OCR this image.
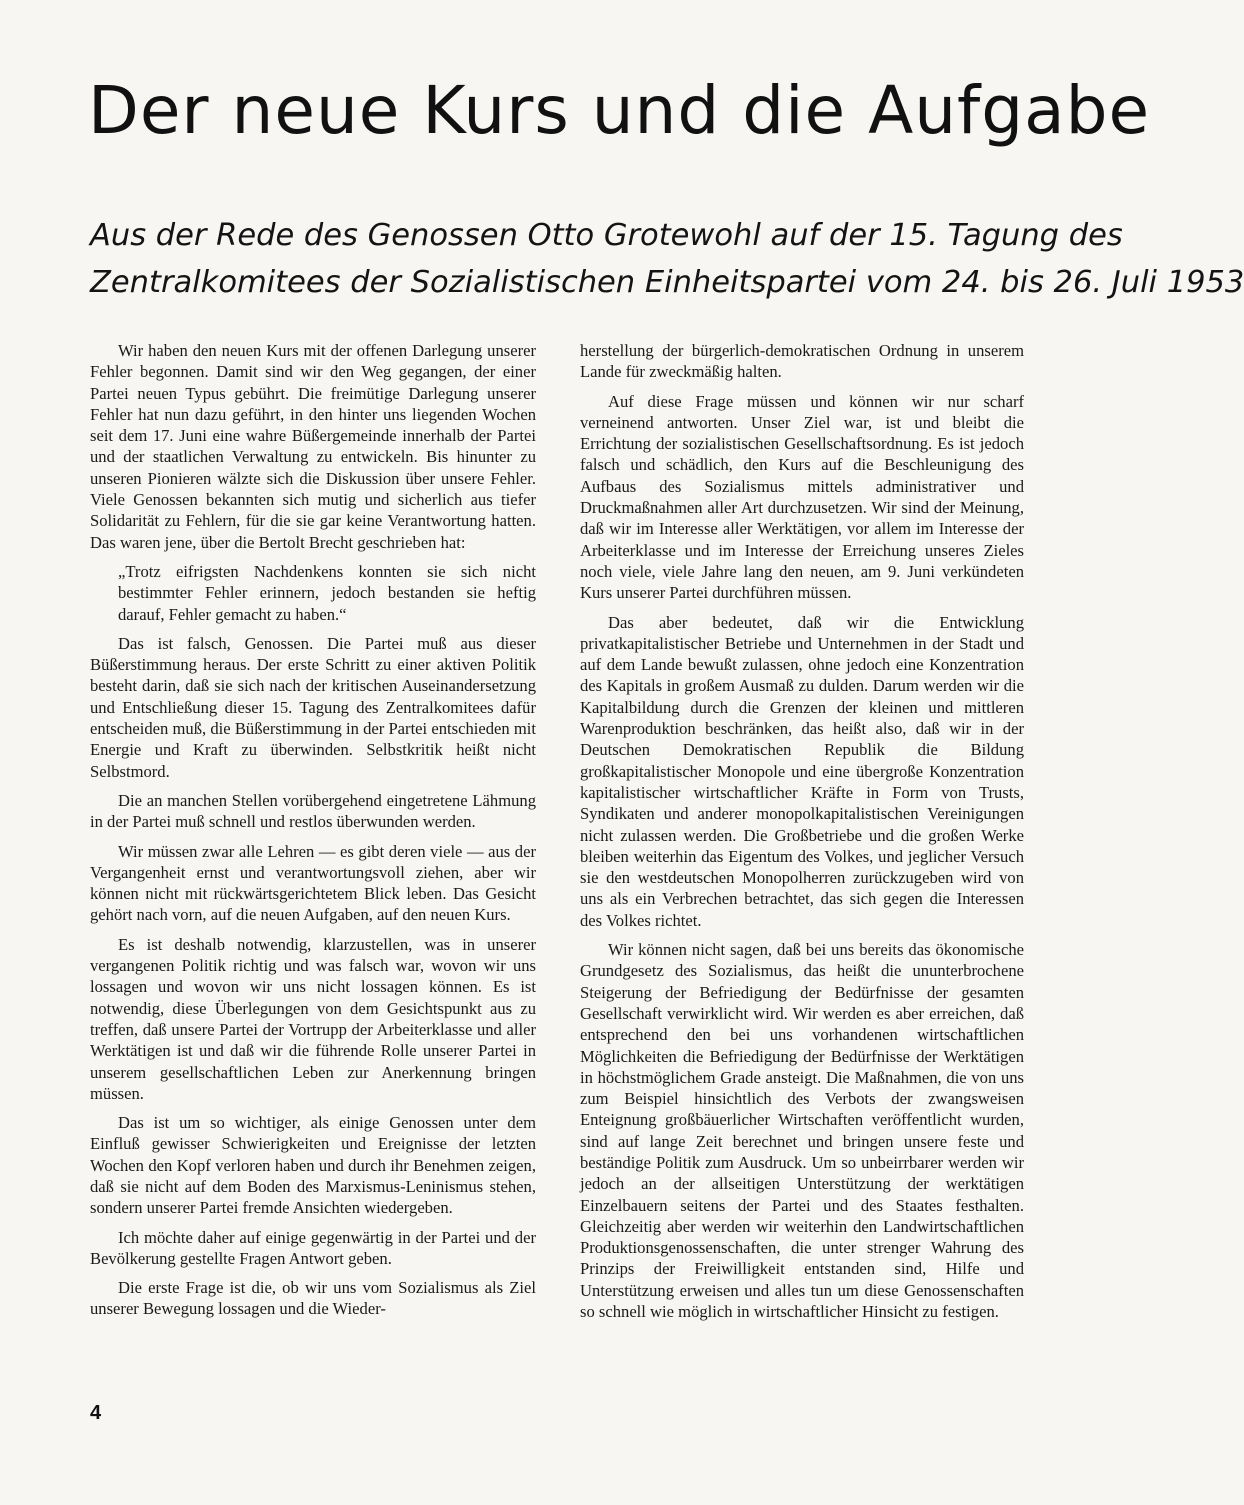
Der neue Kurs und die Aufgabe
Aus der Rede des Genossen Otto Grotewohl auf der 15. Tagung des
Zentralkomitees der Sozialistischen Einheitspartei vom 24. bis 26. Juli 1953

Wir haben den neuen Kurs mit der offenen Darlegung unserer Fehler begonnen. Damit sind wir den Weg gegangen, der einer Partei neuen Typus gebührt. Die freimütige Darlegung unserer Fehler hat nun dazu geführt, in den hinter uns liegenden Wochen seit dem 17. Juni eine wahre Büßergemeinde innerhalb der Partei und der staatlichen Verwaltung zu entwickeln. Bis hinunter zu unseren Pionieren wälzte sich die Diskussion über unsere Fehler. Viele Genossen bekannten sich mutig und sicherlich aus tiefer Solidarität zu Fehlern, für die sie gar keine Verantwortung hatten. Das waren jene, über die Bertolt Brecht geschrieben hat:

„Trotz eifrigsten Nachdenkens konnten sie sich nicht bestimmter Fehler erinnern, jedoch bestanden sie heftig darauf, Fehler gemacht zu haben.“

Das ist falsch, Genossen. Die Partei muß aus dieser Büßerstimmung heraus. Der erste Schritt zu einer aktiven Politik besteht darin, daß sie sich nach der kritischen Auseinandersetzung und Entschließung dieser 15. Tagung des Zentralkomitees dafür entscheiden muß, die Büßerstimmung in der Partei entschieden mit Energie und Kraft zu überwinden. Selbstkritik heißt nicht Selbstmord.

Die an manchen Stellen vorübergehend eingetretene Lähmung in der Partei muß schnell und restlos überwunden werden.

Wir müssen zwar alle Lehren — es gibt deren viele — aus der Vergangenheit ernst und verantwortungsvoll ziehen, aber wir können nicht mit rückwärtsgerichtetem Blick leben. Das Gesicht gehört nach vorn, auf die neuen Aufgaben, auf den neuen Kurs.

Es ist deshalb notwendig, klarzustellen, was in unserer vergangenen Politik richtig und was falsch war, wovon wir uns lossagen und wovon wir uns nicht lossagen können. Es ist notwendig, diese Überlegungen von dem Gesichtspunkt aus zu treffen, daß unsere Partei der Vortrupp der Arbeiterklasse und aller Werktätigen ist und daß wir die führende Rolle unserer Partei in unserem gesellschaftlichen Leben zur Anerkennung bringen müssen.

Das ist um so wichtiger, als einige Genossen unter dem Einfluß gewisser Schwierigkeiten und Ereignisse der letzten Wochen den Kopf verloren haben und durch ihr Benehmen zeigen, daß sie nicht auf dem Boden des Marxismus-Leninismus stehen, sondern unserer Partei fremde Ansichten wiedergeben.

Ich möchte daher auf einige gegenwärtig in der Partei und der Bevölkerung gestellte Fragen Antwort geben.

Die erste Frage ist die, ob wir uns vom Sozialismus als Ziel unserer Bewegung lossagen und die Wieder-

herstellung der bürgerlich-demokratischen Ordnung in unserem Lande für zweckmäßig halten.

Auf diese Frage müssen und können wir nur scharf verneinend antworten. Unser Ziel war, ist und bleibt die Errichtung der sozialistischen Gesellschaftsordnung. Es ist jedoch falsch und schädlich, den Kurs auf die Beschleunigung des Aufbaus des Sozialismus mittels administrativer und Druckmaßnahmen aller Art durchzusetzen. Wir sind der Meinung, daß wir im Interesse aller Werktätigen, vor allem im Interesse der Arbeiterklasse und im Interesse der Erreichung unseres Zieles noch viele, viele Jahre lang den neuen, am 9. Juni verkündeten Kurs unserer Partei durchführen müssen.

Das aber bedeutet, daß wir die Entwicklung privatkapitalistischer Betriebe und Unternehmen in der Stadt und auf dem Lande bewußt zulassen, ohne jedoch eine Konzentration des Kapitals in großem Ausmaß zu dulden. Darum werden wir die Kapitalbildung durch die Grenzen der kleinen und mittleren Warenproduktion beschränken, das heißt also, daß wir in der Deutschen Demokratischen Republik die Bildung großkapitalistischer Monopole und eine übergroße Konzentration kapitalistischer wirtschaftlicher Kräfte in Form von Trusts, Syndikaten und anderer monopolkapitalistischen Vereinigungen nicht zulassen werden. Die Großbetriebe und die großen Werke bleiben weiterhin das Eigentum des Volkes, und jeglicher Versuch sie den westdeutschen Monopolherren zurückzugeben wird von uns als ein Verbrechen betrachtet, das sich gegen die Interessen des Volkes richtet.

Wir können nicht sagen, daß bei uns bereits das ökonomische Grundgesetz des Sozialismus, das heißt die ununterbrochene Steigerung der Befriedigung der Bedürfnisse der gesamten Gesellschaft verwirklicht wird. Wir werden es aber erreichen, daß entsprechend den bei uns vorhandenen wirtschaftlichen Möglichkeiten die Befriedigung der Bedürfnisse der Werktätigen in höchstmöglichem Grade ansteigt. Die Maßnahmen, die von uns zum Beispiel hinsichtlich des Verbots der zwangsweisen Enteignung großbäuerlicher Wirtschaften veröffentlicht wurden, sind auf lange Zeit berechnet und bringen unsere feste und beständige Politik zum Ausdruck. Um so unbeirrbarer werden wir jedoch an der allseitigen Unterstützung der werktätigen Einzelbauern seitens der Partei und des Staates festhalten. Gleichzeitig aber werden wir weiterhin den Landwirtschaftlichen Produktionsgenossenschaften, die unter strenger Wahrung des Prinzips der Freiwilligkeit entstanden sind, Hilfe und Unterstützung erweisen und alles tun um diese Genossenschaften so schnell wie möglich in wirtschaftlicher Hinsicht zu festigen.

4
